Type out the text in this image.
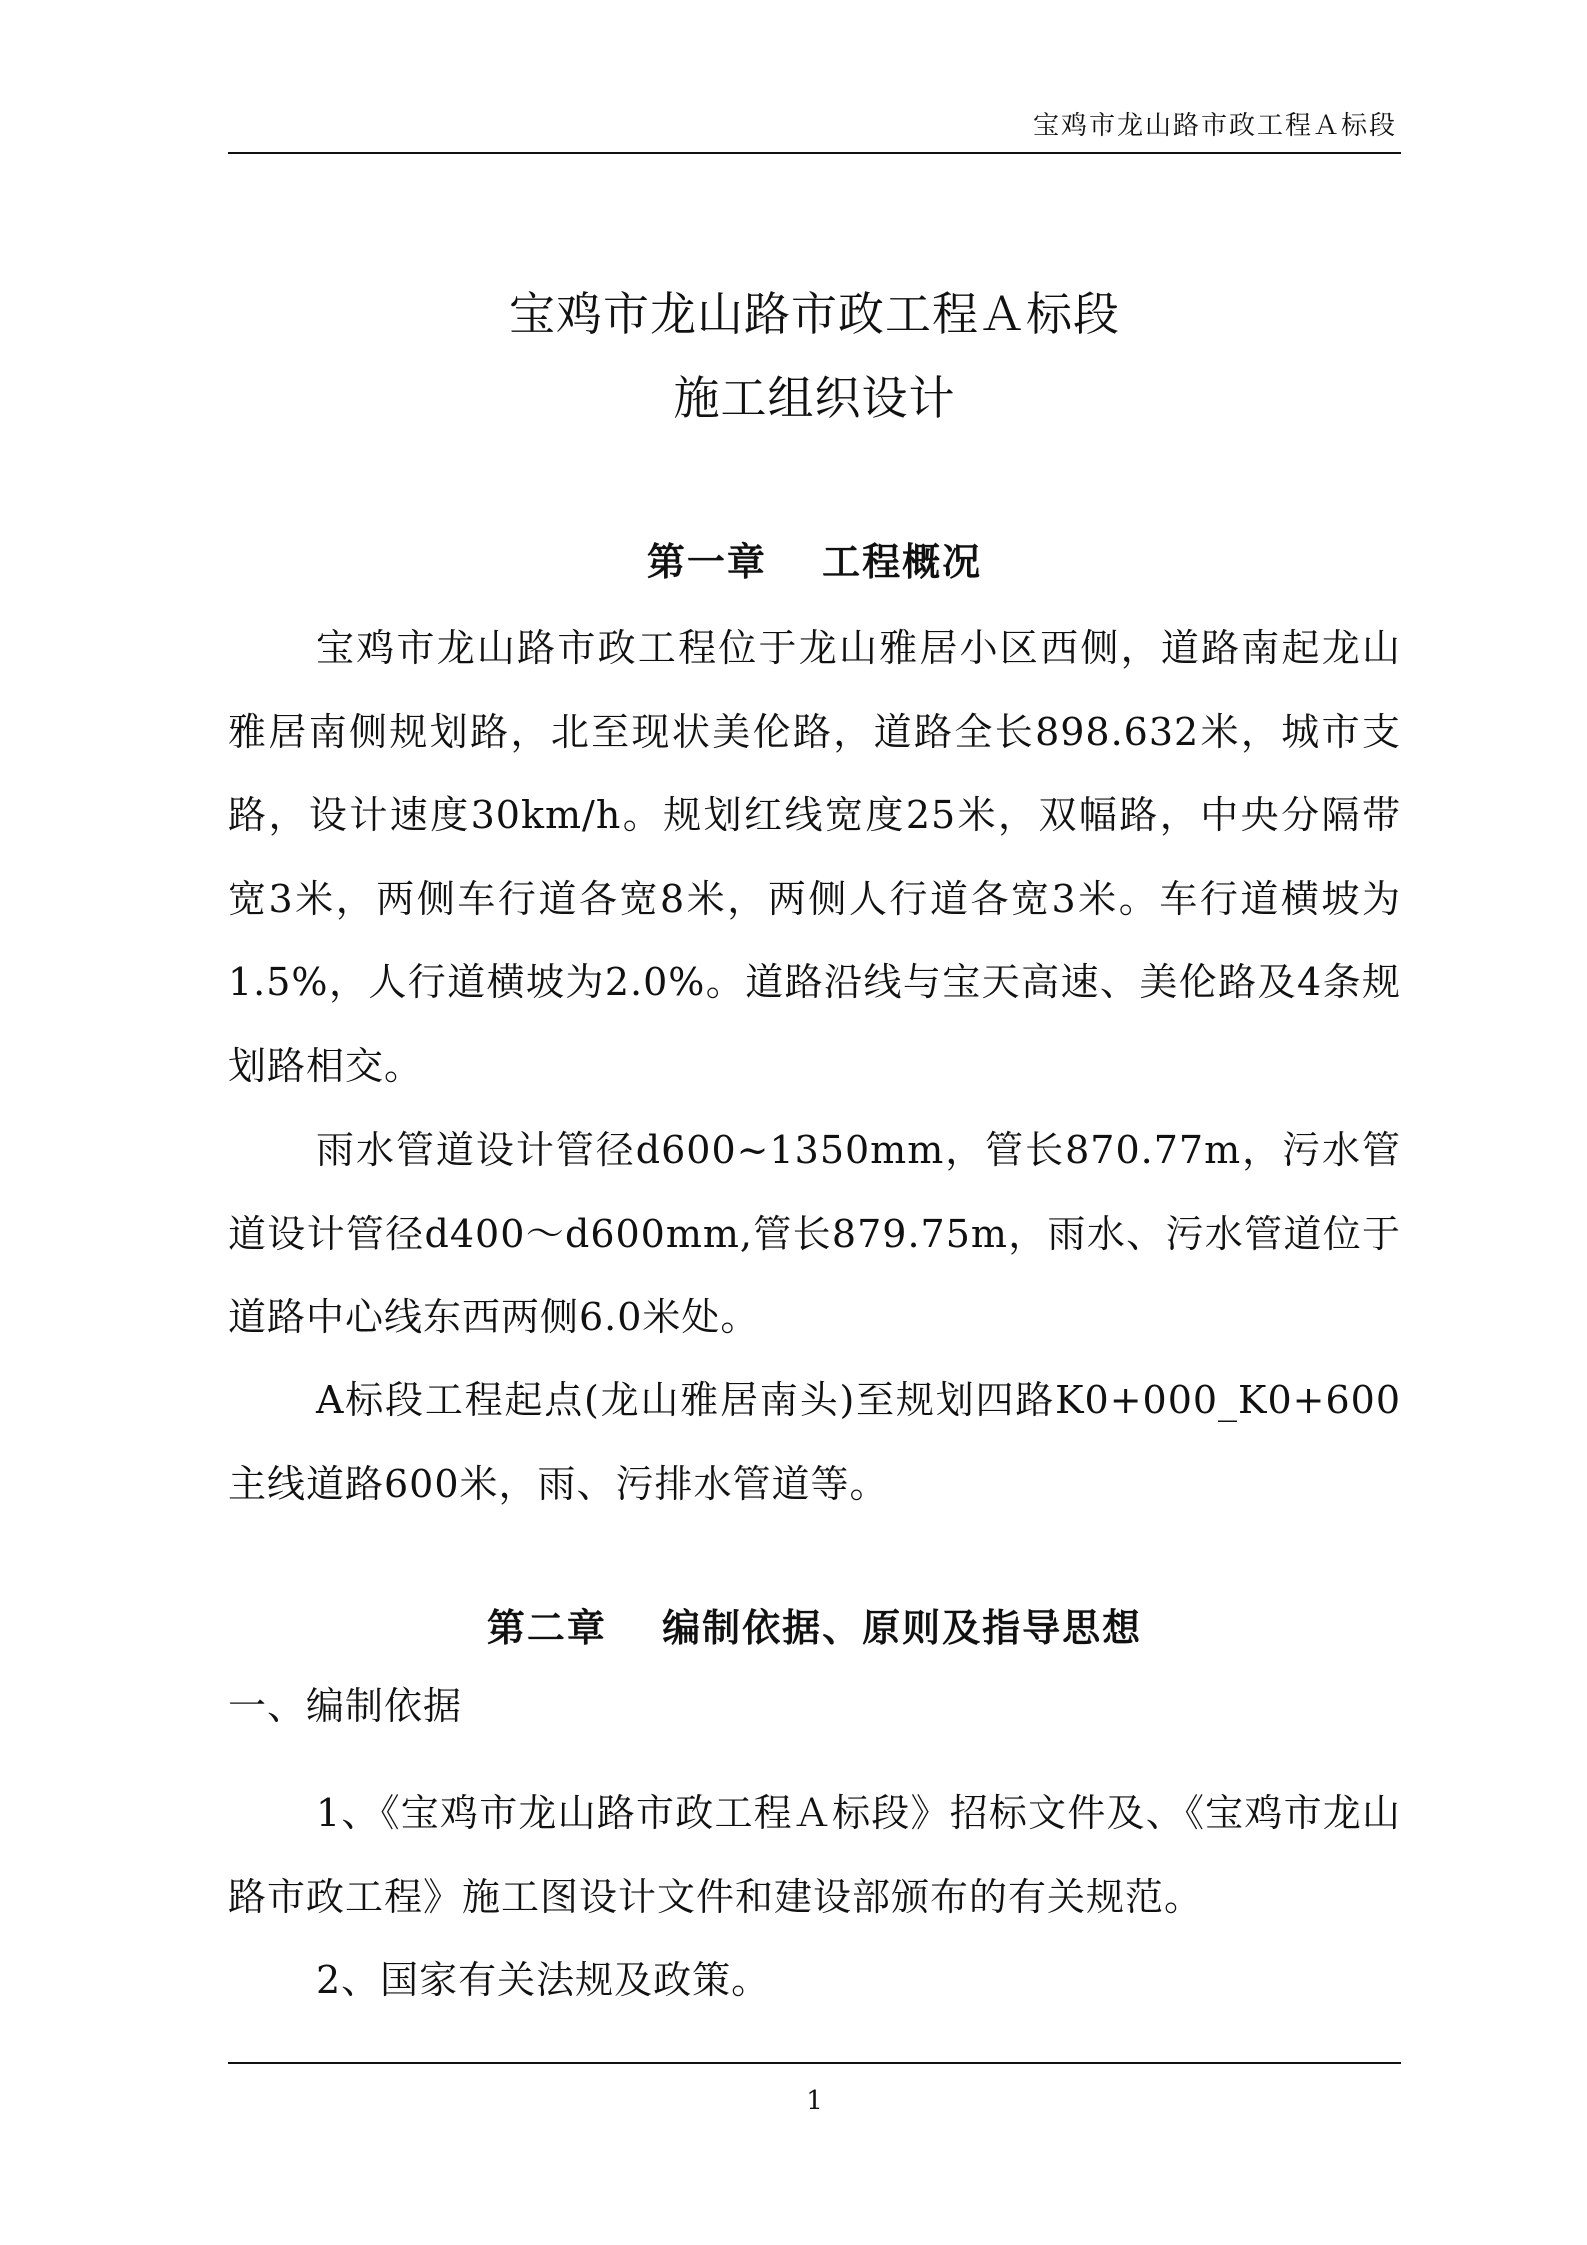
宝鸡市龙山路市政工程Ａ标段
宝鸡市龙山路市政工程Ａ标段
施工组织设计
第一章　 工程概况

宝鸡市龙山路市政工程位于龙山雅居小区西侧，道路南起龙山雅居南侧规划路，北至现状美伦路，道路全长898.632米，城市支路，设计速度30km/h。规划红线宽度25米，双幅路，中央分隔带宽3米，两侧车行道各宽8米，两侧人行道各宽3米。车行道横坡为1.5%，人行道横坡为2.0%。道路沿线与宝天高速、美伦路及4条规划路相交。

雨水管道设计管径d600~1350mm，管长870.77m，污水管道设计管径d400～d600mm,管长879.75m，雨水、污水管道位于道路中心线东西两侧6.0米处。

A标段工程起点(龙山雅居南头)至规划四路K0+000_K0+600主线道路600米，雨、污排水管道等。

第二章　 编制依据、原则及指导思想
一、编制依据

1、《宝鸡市龙山路市政工程Ａ标段》招标文件及、《宝鸡市龙山路市政工程》施工图设计文件和建设部颁布的有关规范。

2、国家有关法规及政策。

1
